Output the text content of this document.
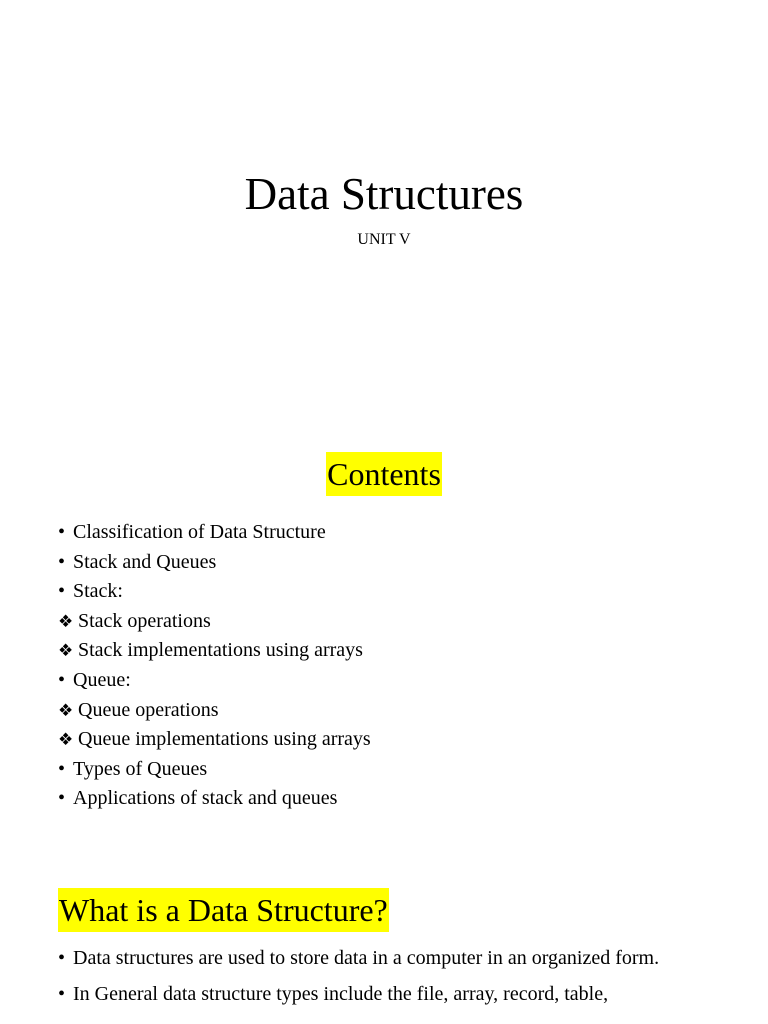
Data Structures

UNIT V

Contents
• Classification of Data Structure
• Stack and Queues
• Stack:
❖ Stack operations
❖ Stack implementations using arrays
• Queue:
❖ Queue operations
❖ Queue implementations using arrays
• Types of Queues
• Applications of stack and queues
What is a Data Structure?
• Data structures are used to store data in a computer in an organized form.
• In General data structure types include the file, array, record, table,
